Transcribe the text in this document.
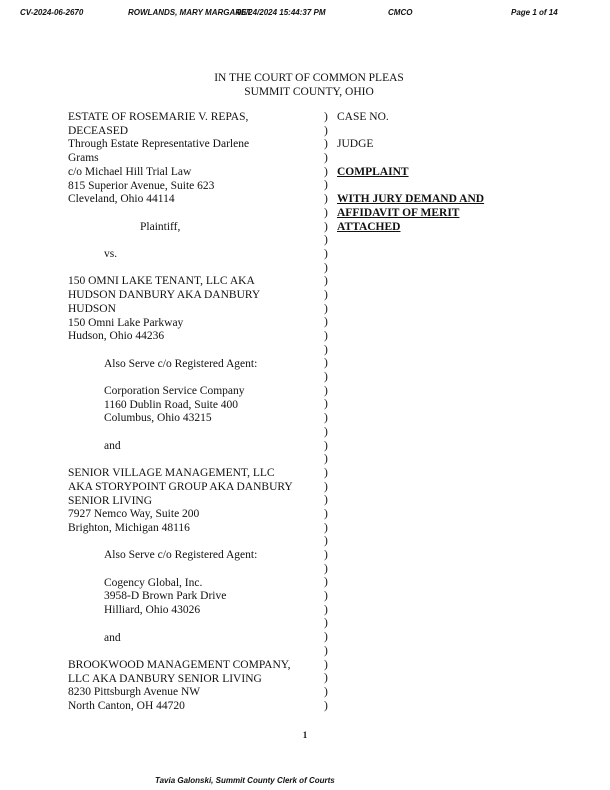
CV-2024-06-2670	ROWLANDS, MARY MARGARET
06/24/2024 15:44:37 PM	CMCO	Page 1 of 14
IN THE COURT OF COMMON PLEAS
SUMMIT COUNTY, OHIO
ESTATE OF ROSEMARIE V. REPAS,
DECEASED
Through Estate Representative Darlene
Grams
c/o Michael Hill Trial Law
815 Superior Avenue, Suite 623
Cleveland, Ohio 44114
Plaintiff,
vs.
150 OMNI LAKE TENANT, LLC AKA
HUDSON DANBURY AKA DANBURY
HUDSON
150 Omni Lake Parkway
Hudson, Ohio 44236
Also Serve c/o Registered Agent:
Corporation Service Company
1160 Dublin Road, Suite 400
Columbus, Ohio 43215
and
SENIOR VILLAGE MANAGEMENT, LLC
AKA STORYPOINT GROUP AKA DANBURY
SENIOR LIVING
7927 Nemco Way, Suite 200
Brighton, Michigan 48116
Also Serve c/o Registered Agent:
Cogency Global, Inc.
3958-D Brown Park Drive
Hilliard, Ohio 43026
and
BROOKWOOD MANAGEMENT COMPANY,
LLC AKA DANBURY SENIOR LIVING
8230 Pittsburgh Avenue NW
North Canton, OH 44720
)
)
)
)
)
)
)
)
)
)
)
)
)
)
)
)
)
)
)
)
)
)
)
)
)
)
)
)
)
)
)
)
)
)
)
)
)
)
)
)
)
)
)
)
CASE NO.
JUDGE
COMPLAINT
WITH JURY DEMAND AND
AFFIDAVIT OF MERIT
ATTACHED
1
Tavia Galonski, Summit County Clerk of Courts
